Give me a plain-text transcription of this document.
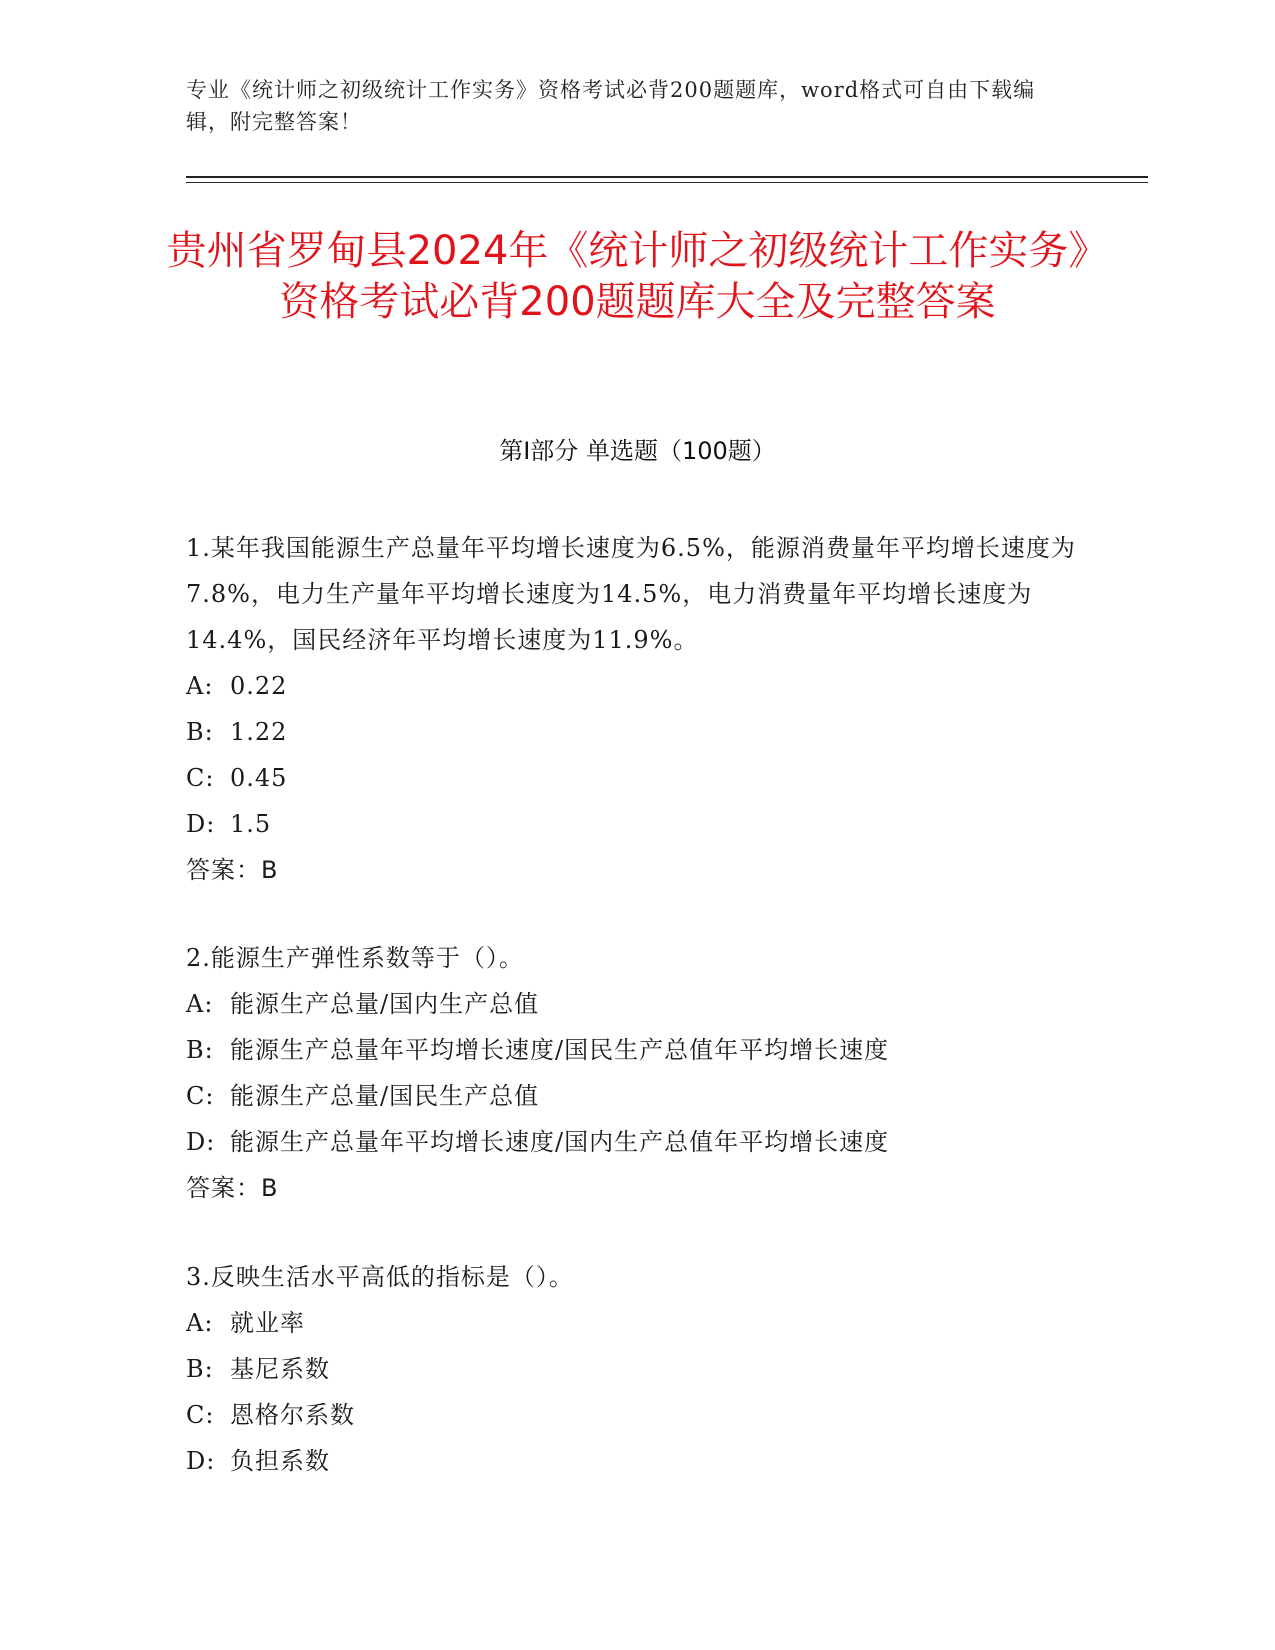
专业《统计师之初级统计工作实务》资格考试必背200题题库，word格式可自由下载编辑，附完整答案！
贵州省罗甸县2024年《统计师之初级统计工作实务》资格考试必背200题题库大全及完整答案
第Ⅰ部分 单选题（100题）

1.某年我国能源生产总量年平均增长速度为6.5%，能源消费量年平均增长速度为7.8%，电力生产量年平均增长速度为14.5%，电力消费量年平均增长速度为14.4%，国民经济年平均增长速度为11.9%。

A: 0.22

B: 1.22

C: 0.45

D: 1.5

答案：B

2.能源生产弹性系数等于（）。

A: 能源生产总量/国内生产总值

B: 能源生产总量年平均增长速度/国民生产总值年平均增长速度

C: 能源生产总量/国民生产总值

D: 能源生产总量年平均增长速度/国内生产总值年平均增长速度

答案：B

3.反映生活水平高低的指标是（）。

A: 就业率

B: 基尼系数

C: 恩格尔系数

D: 负担系数
